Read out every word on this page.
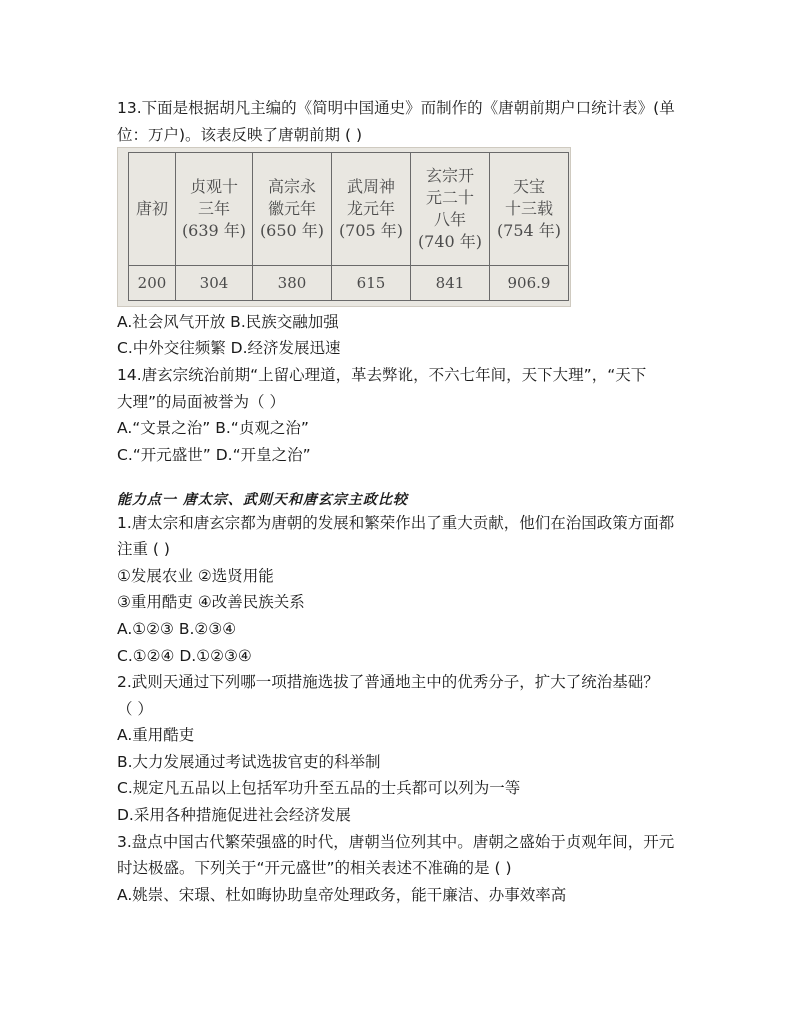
13.下面是根据胡凡主编的《简明中国通史》而制作的《唐朝前期户口统计表》(单
位：万户)。该表反映了唐朝前期 ( )
唐初	贞观十
三年
(639 年)	高宗永
徽元年
(650 年)	武周神
龙元年
(705 年)	玄宗开
元二十
八年
(740 年)	天宝
十三载
(754 年)

200	304	380	615	841	906.9
A.社会风气开放 B.民族交融加强
C.中外交往频繁 D.经济发展迅速
14.唐玄宗统治前期“上留心理道，革去弊讹，不六七年间，天下大理”，“天下
大理”的局面被誉为（ ）
A.“文景之治” B.“贞观之治”
C.“开元盛世” D.“开皇之治”
能力点一 唐太宗、武则天和唐玄宗主政比较
1.唐太宗和唐玄宗都为唐朝的发展和繁荣作出了重大贡献，他们在治国政策方面都
注重 ( )
①发展农业 ②选贤用能
③重用酷吏 ④改善民族关系
A.①②③ B.②③④
C.①②④ D.①②③④
2.武则天通过下列哪一项措施选拔了普通地主中的优秀分子，扩大了统治基础？
（ ）
A.重用酷吏
B.大力发展通过考试选拔官吏的科举制
C.规定凡五品以上包括军功升至五品的士兵都可以列为一等
D.采用各种措施促进社会经济发展
3.盘点中国古代繁荣强盛的时代，唐朝当位列其中。唐朝之盛始于贞观年间，开元
时达极盛。下列关于“开元盛世”的相关表述不准确的是 ( )
A.姚崇、宋璟、杜如晦协助皇帝处理政务，能干廉洁、办事效率高
